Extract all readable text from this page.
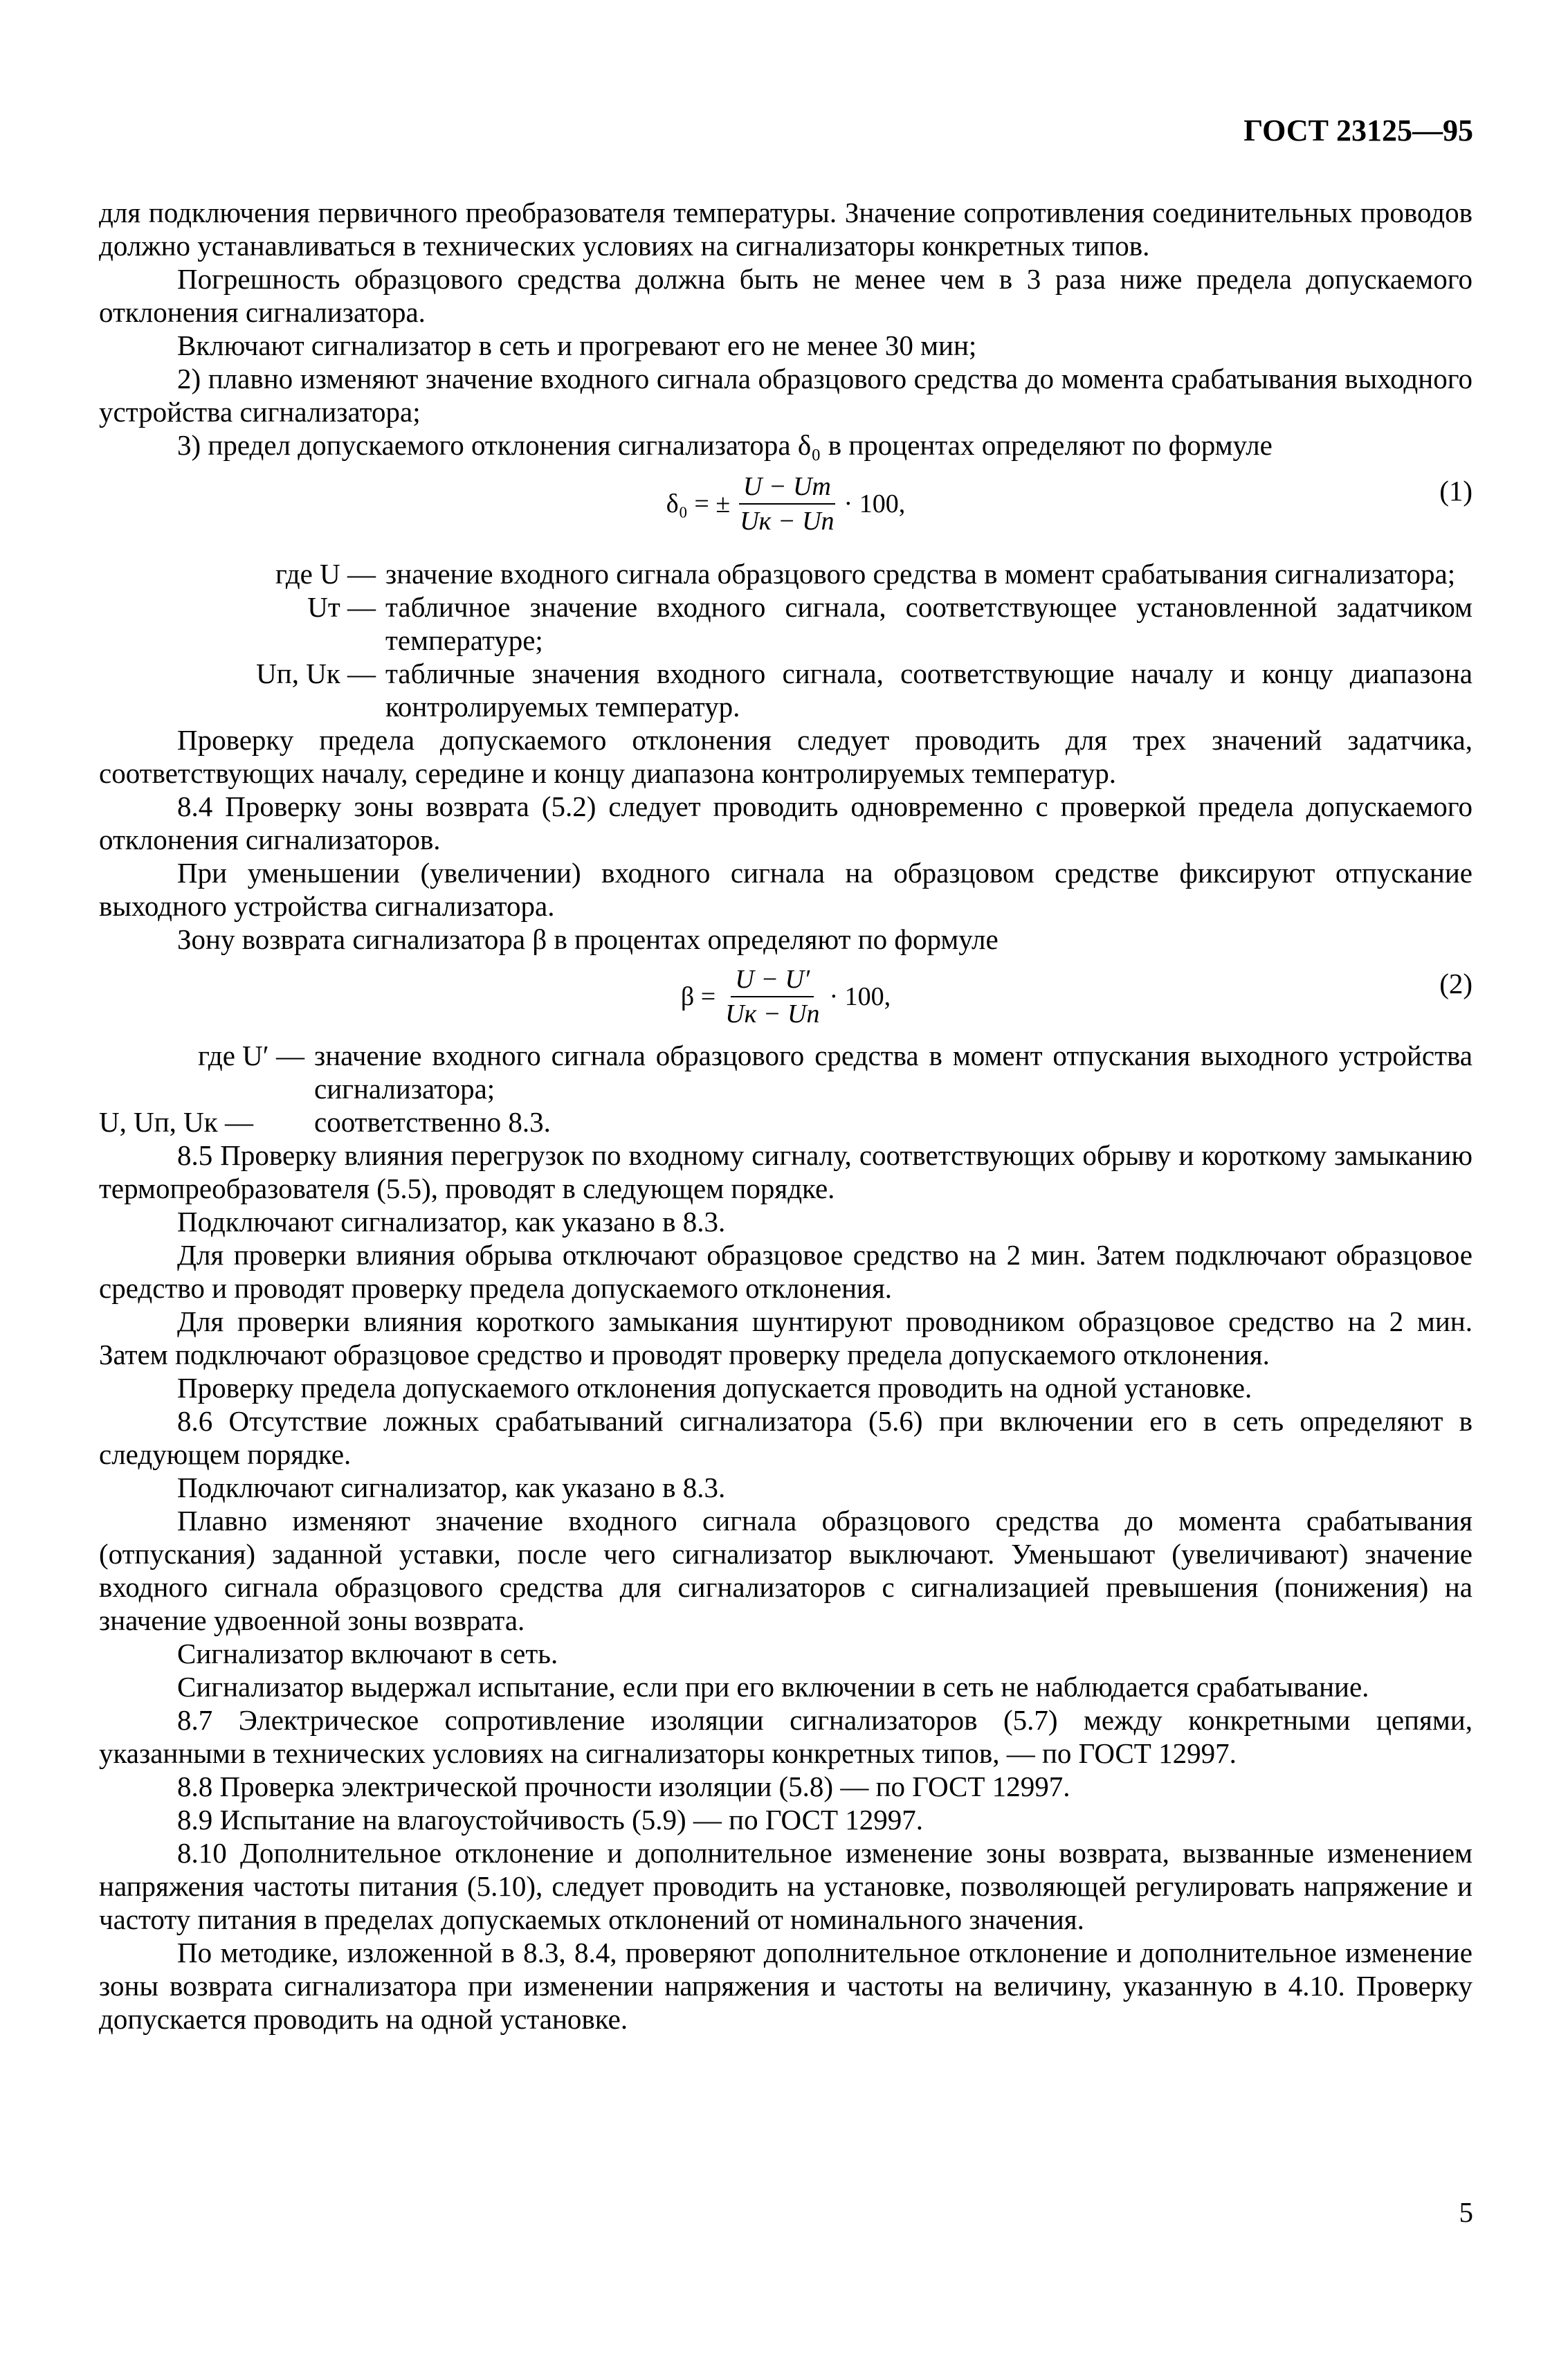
ГОСТ 23125—95

для подключения первичного преобразователя температуры. Значение сопротивления соединительных проводов должно устанавливаться в технических условиях на сигнализаторы конкретных типов.

Погрешность образцового средства должна быть не менее чем в 3 раза ниже предела допускаемого отклонения сигнализатора.

Включают сигнализатор в сеть и прогревают его не менее 30 мин;

2) плавно изменяют значение входного сигнала образцового средства до момента срабатывания выходного устройства сигнализатора;

3) предел допускаемого отклонения сигнализатора δ₀ в процентах определяют по формуле

δ₀ = ± $\frac{U - Uт}{Uк - Uп} \cdot 100$,	(1)
где U — значение входного сигнала образцового средства в момент срабатывания сигнализатора;
Uт — табличное значение входного сигнала, соответствующее установленной задатчиком температуре;
Uп, Uк — табличные значения входного сигнала, соответствующие началу и концу диапазона контролируемых температур.

Проверку предела допускаемого отклонения следует проводить для трех значений задатчика, соответствующих началу, середине и концу диапазона контролируемых температур.

8.4 Проверку зоны возврата (5.2) следует проводить одновременно с проверкой предела допускаемого отклонения сигнализаторов.

При уменьшении (увеличении) входного сигнала на образцовом средстве фиксируют отпускание выходного устройства сигнализатора.

Зону возврата сигнализатора β в процентах определяют по формуле

$\beta = \frac{U - U'}{Uк - Uп} \cdot 100$,	(2)
где U′ — значение входного сигнала образцового средства в момент отпускания выходного устройства сигнализатора;
U, Uп, Uк —	соответственно 8.3.

8.5 Проверку влияния перегрузок по входному сигналу, соответствующих обрыву и короткому замыканию термопреобразователя (5.5), проводят в следующем порядке.

Подключают сигнализатор, как указано в 8.3.

Для проверки влияния обрыва отключают образцовое средство на 2 мин. Затем подключают образцовое средство и проводят проверку предела допускаемого отклонения.

Для проверки влияния короткого замыкания шунтируют проводником образцовое средство на 2 мин. Затем подключают образцовое средство и проводят проверку предела допускаемого отклонения.

Проверку предела допускаемого отклонения допускается проводить на одной установке.

8.6 Отсутствие ложных срабатываний сигнализатора (5.6) при включении его в сеть определяют в следующем порядке.

Подключают сигнализатор, как указано в 8.3.

Плавно изменяют значение входного сигнала образцового средства до момента срабатывания (отпускания) заданной уставки, после чего сигнализатор выключают. Уменьшают (увеличивают) значение входного сигнала образцового средства для сигнализаторов с сигнализацией превышения (понижения) на значение удвоенной зоны возврата.

Сигнализатор включают в сеть.

Сигнализатор выдержал испытание, если при его включении в сеть не наблюдается срабатывание.

8.7 Электрическое сопротивление изоляции сигнализаторов (5.7) между конкретными цепями, указанными в технических условиях на сигнализаторы конкретных типов, — по ГОСТ 12997.

8.8 Проверка электрической прочности изоляции (5.8) — по ГОСТ 12997.

8.9 Испытание на влагоустойчивость (5.9) — по ГОСТ 12997.

8.10 Дополнительное отклонение и дополнительное изменение зоны возврата, вызванные изменением напряжения частоты питания (5.10), следует проводить на установке, позволяющей регулировать напряжение и частоту питания в пределах допускаемых отклонений от номинального значения.

По методике, изложенной в 8.3, 8.4, проверяют дополнительное отклонение и дополнительное изменение зоны возврата сигнализатора при изменении напряжения и частоты на величину, указанную в 4.10. Проверку допускается проводить на одной установке.

5
